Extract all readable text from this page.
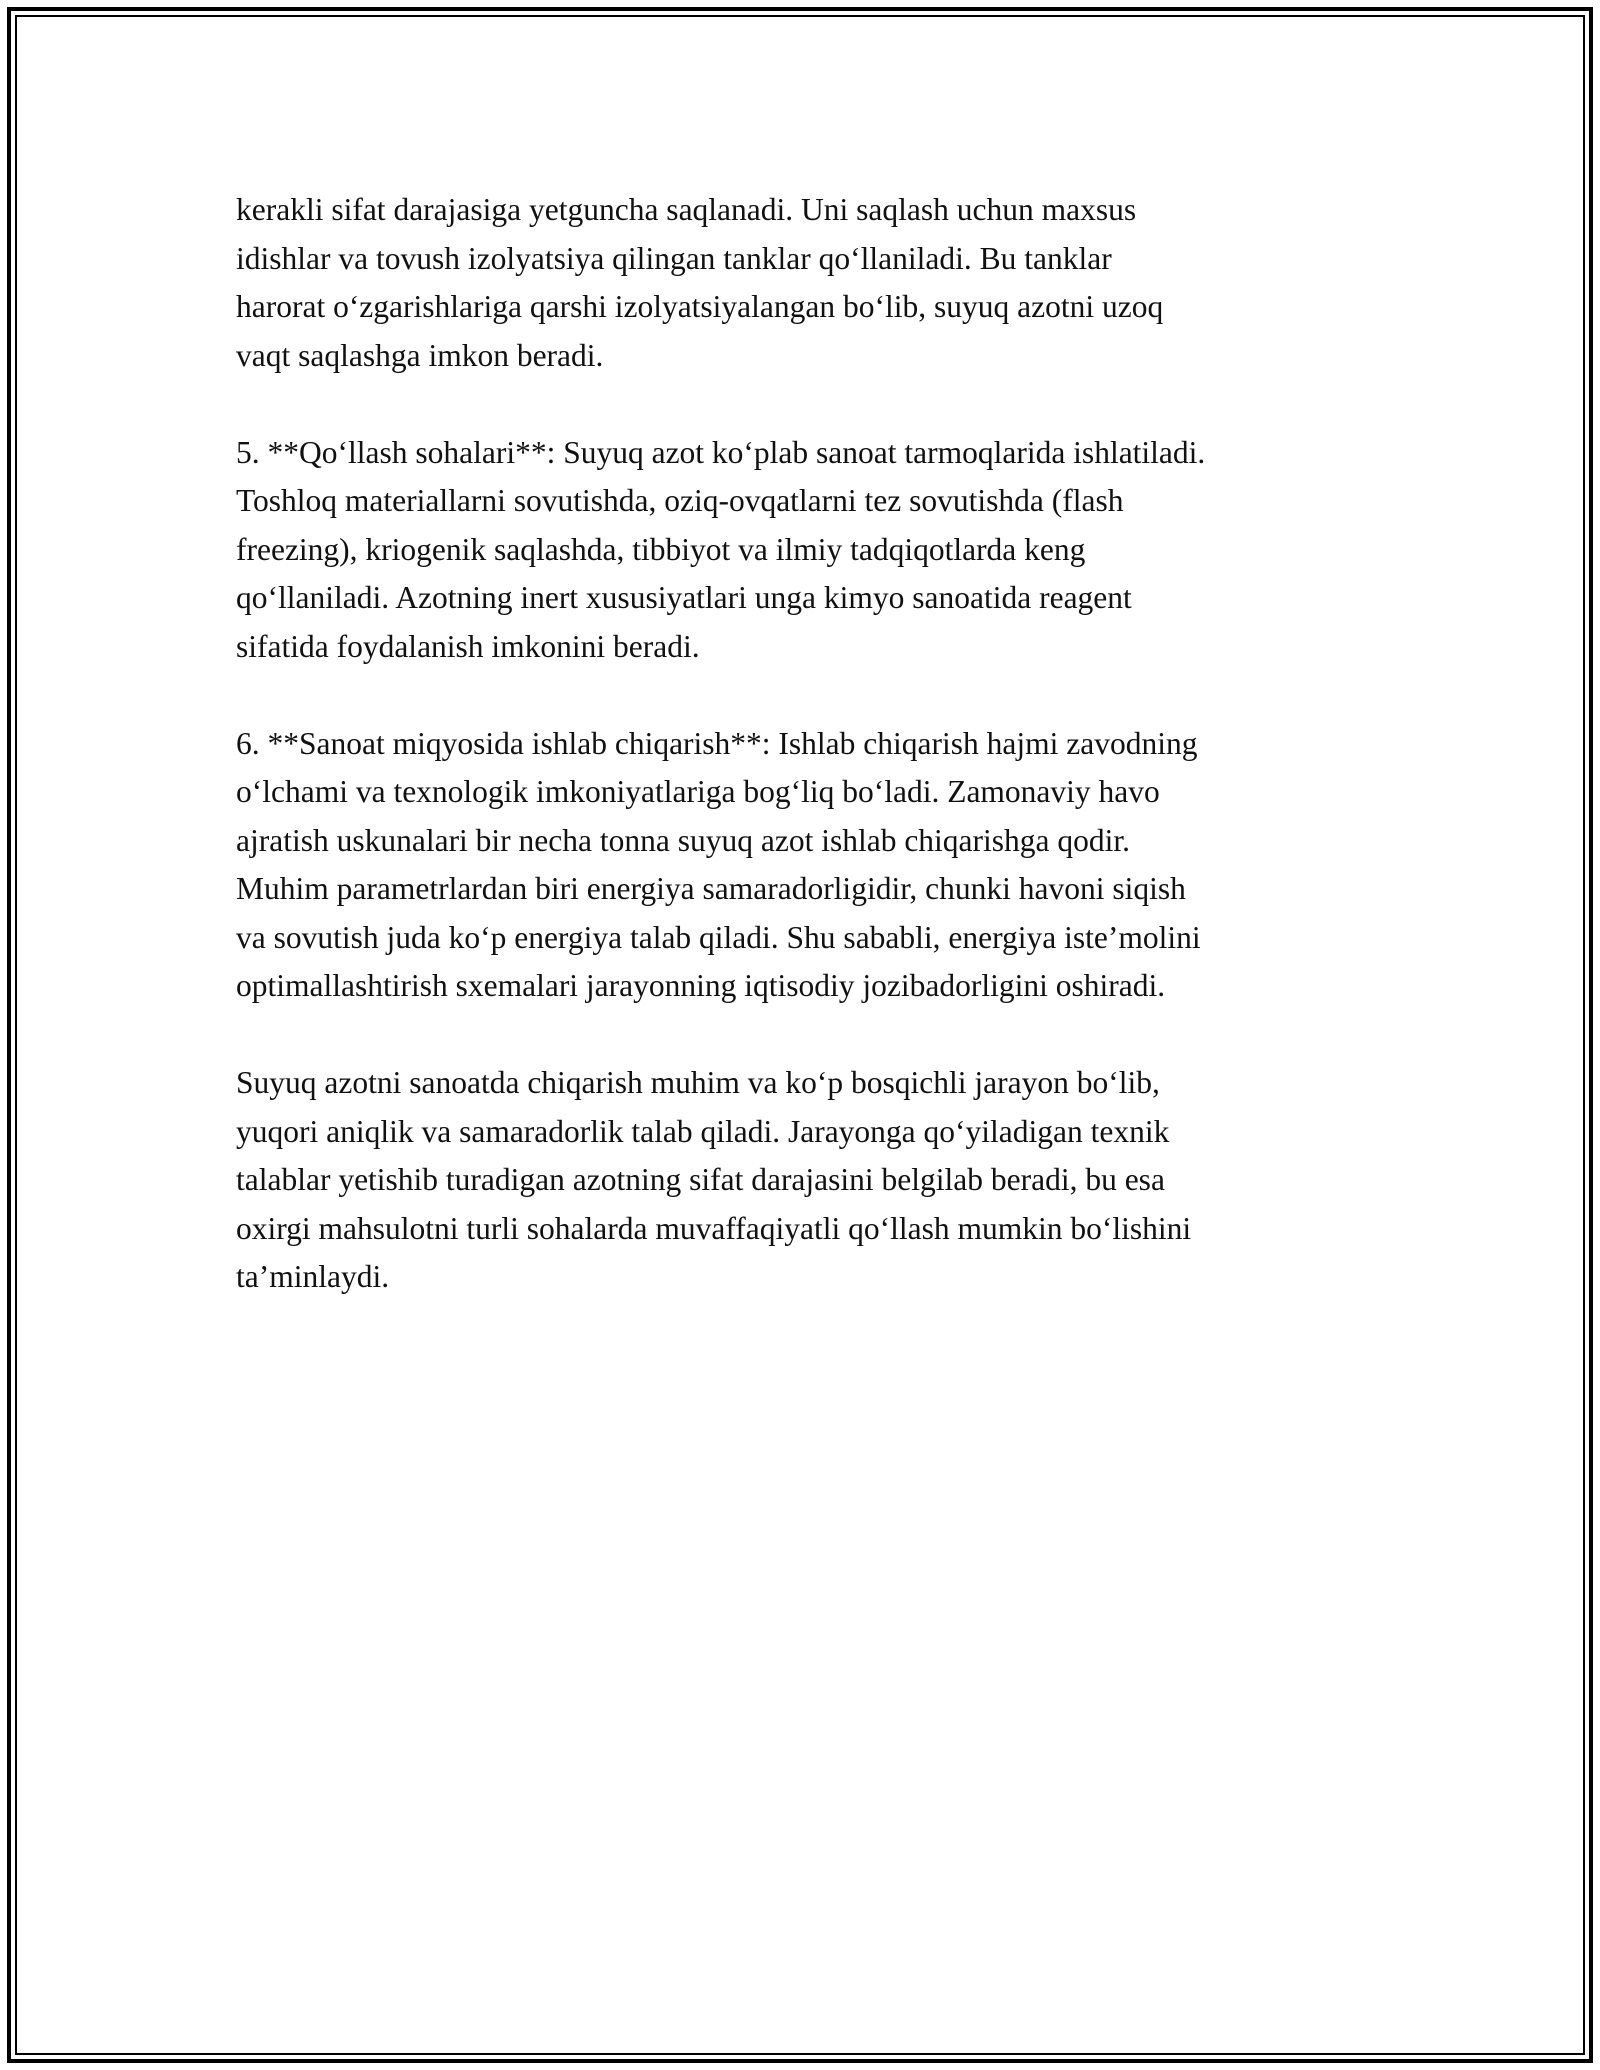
kerakli sifat darajasiga yetguncha saqlanadi. Uni saqlash uchun maxsus
idishlar va tovush izolyatsiya qilingan tanklar qo‘llaniladi. Bu tanklar
harorat o‘zgarishlariga qarshi izolyatsiyalangan bo‘lib, suyuq azotni uzoq
vaqt saqlashga imkon beradi.

5. **Qo‘llash sohalari**: Suyuq azot ko‘plab sanoat tarmoqlarida ishlatiladi.
Toshloq materiallarni sovutishda, oziq-ovqatlarni tez sovutishda (flash
freezing), kriogenik saqlashda, tibbiyot va ilmiy tadqiqotlarda keng
qo‘llaniladi. Azotning inert xususiyatlari unga kimyo sanoatida reagent
sifatida foydalanish imkonini beradi.

6. **Sanoat miqyosida ishlab chiqarish**: Ishlab chiqarish hajmi zavodning
o‘lchami va texnologik imkoniyatlariga bog‘liq bo‘ladi. Zamonaviy havo
ajratish uskunalari bir necha tonna suyuq azot ishlab chiqarishga qodir.
Muhim parametrlardan biri energiya samaradorligidir, chunki havoni siqish
va sovutish juda ko‘p energiya talab qiladi. Shu sababli, energiya iste’molini
optimallashtirish sxemalari jarayonning iqtisodiy jozibadorligini oshiradi.

Suyuq azotni sanoatda chiqarish muhim va ko‘p bosqichli jarayon bo‘lib,
yuqori aniqlik va samaradorlik talab qiladi. Jarayonga qo‘yiladigan texnik
talablar yetishib turadigan azotning sifat darajasini belgilab beradi, bu esa
oxirgi mahsulotni turli sohalarda muvaffaqiyatli qo‘llash mumkin bo‘lishini
ta’minlaydi.
